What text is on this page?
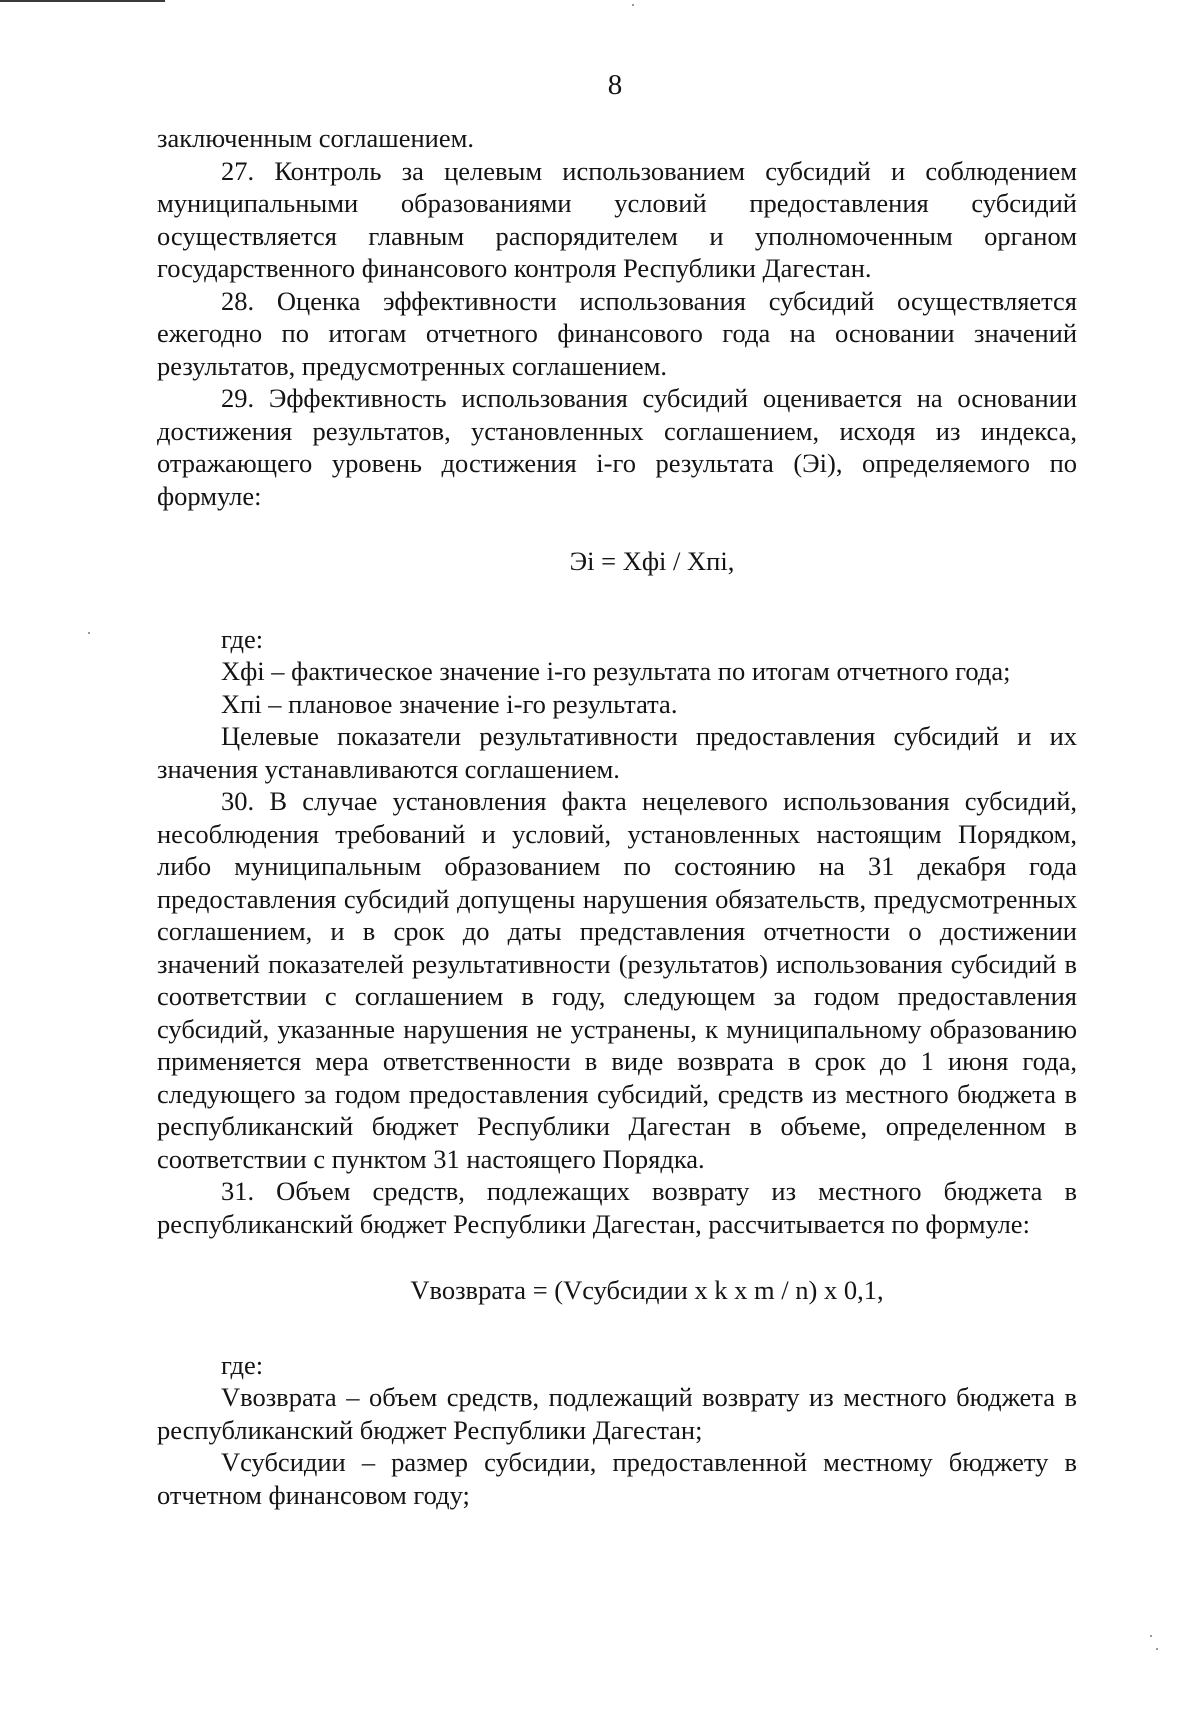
8

заключенным соглашением.

27. Контроль за целевым использованием субсидий и соблюдением муниципальными образованиями условий предоставления субсидий осуществляется главным распорядителем и уполномоченным органом государственного финансового контроля Республики Дагестан.

28. Оценка эффективности использования субсидий осуществляется ежегодно по итогам отчетного финансового года на основании значений результатов, предусмотренных соглашением.

29. Эффективность использования субсидий оценивается на основании достижения результатов, установленных соглашением, исходя из индекса, отражающего уровень достижения i-го результата (Эi), определяемого по формуле:

Эi = Хфi / Хпi,

где:

Хфi – фактическое значение i-го результата по итогам отчетного года;

Хпi – плановое значение i-го результата.

Целевые показатели результативности предоставления субсидий и их значения устанавливаются соглашением.

30. В случае установления факта нецелевого использования субсидий, несоблюдения требований и условий, установленных настоящим Порядком, либо муниципальным образованием по состоянию на 31 декабря года предоставления субсидий допущены нарушения обязательств, предусмотренных соглашением, и в срок до даты представления отчетности о достижении значений показателей результативности (результатов) использования субсидий в соответствии с соглашением в году, следующем за годом предоставления субсидий, указанные нарушения не устранены, к муниципальному образованию применяется мера ответственности в виде возврата в срок до 1 июня года, следующего за годом предоставления субсидий, средств из местного бюджета в республиканский бюджет Республики Дагестан в объеме, определенном в соответствии с пунктом 31 настоящего Порядка.

31. Объем средств, подлежащих возврату из местного бюджета в республиканский бюджет Республики Дагестан, рассчитывается по формуле:

Vвозврата = (Vсубсидии х k х m / n) х 0,1,

где:

Vвозврата – объем средств, подлежащий возврату из местного бюджета в республиканский бюджет Республики Дагестан;

Vсубсидии – размер субсидии, предоставленной местному бюджету в отчетном финансовом году;
